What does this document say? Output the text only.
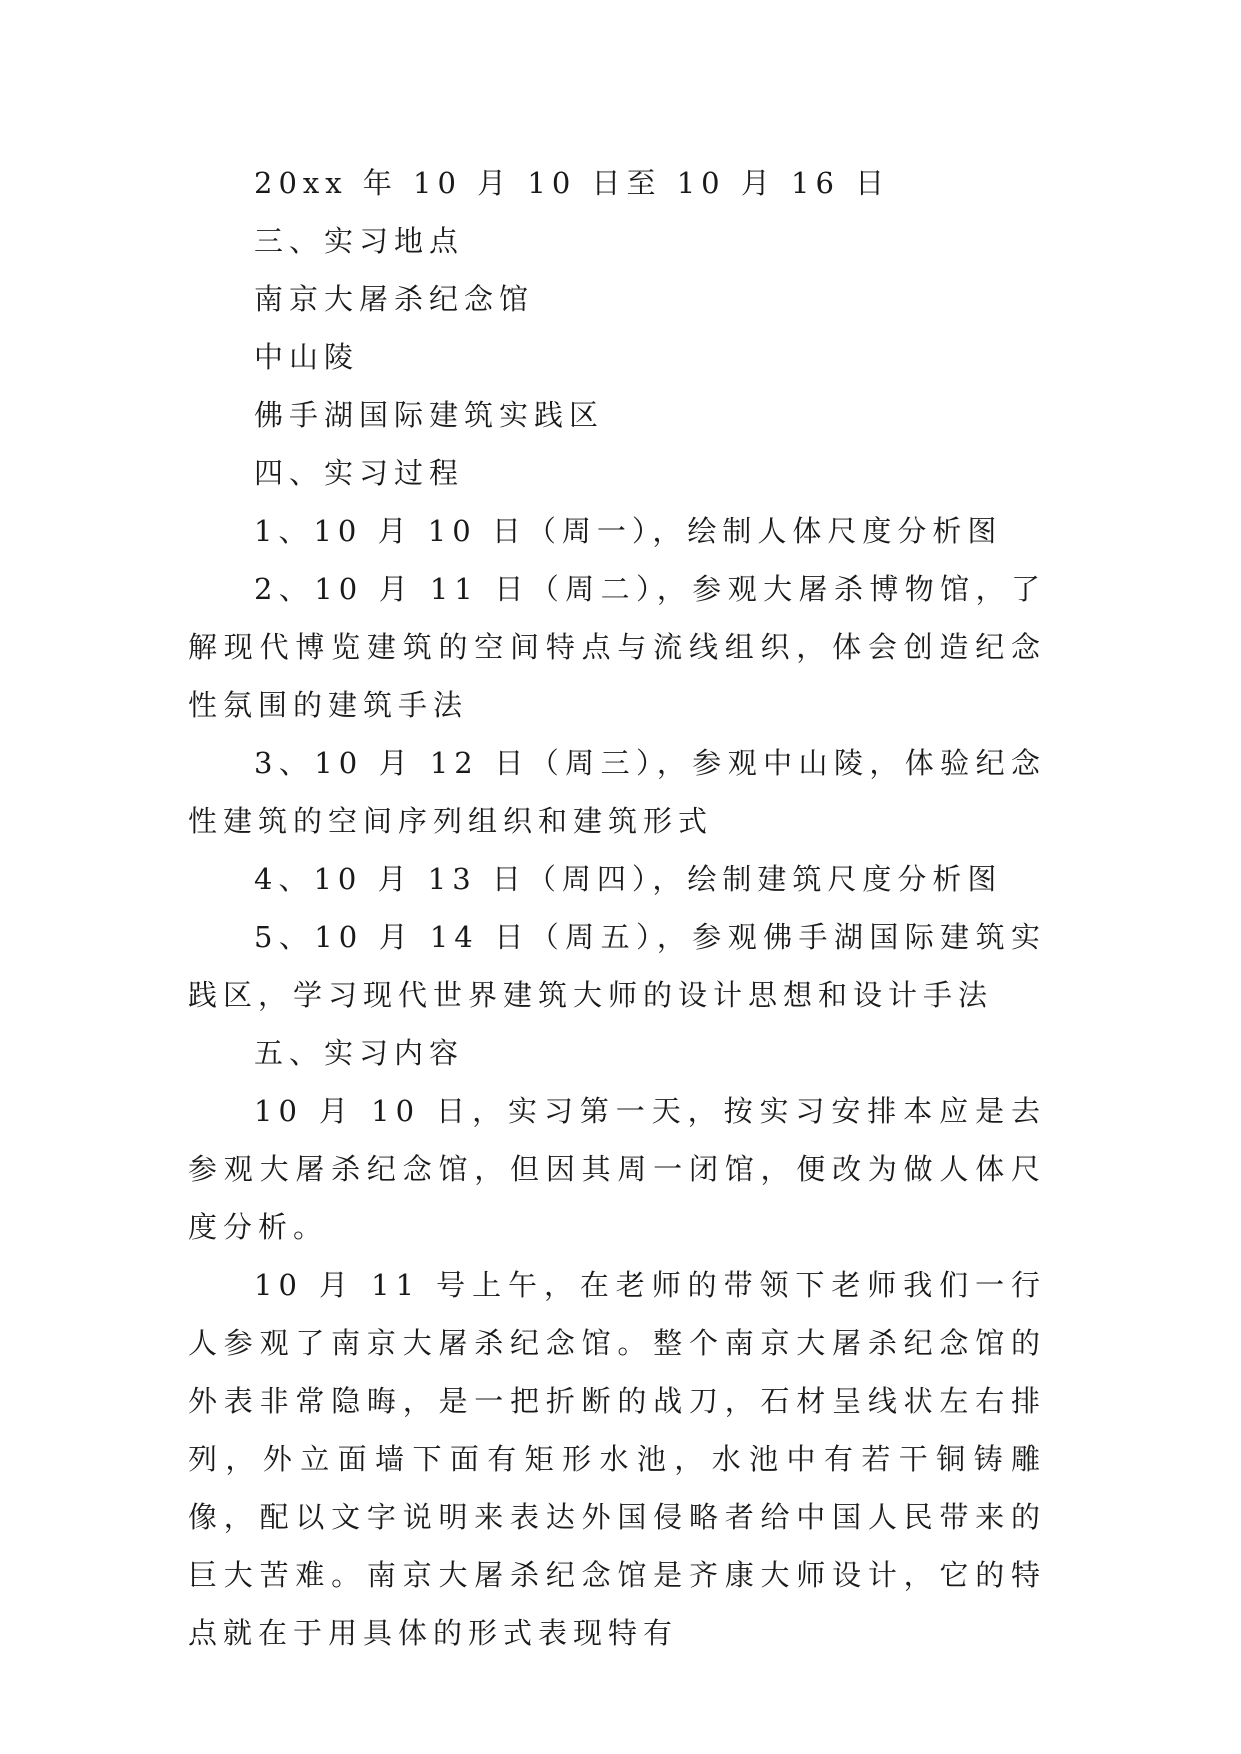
20xx 年 10 月 10 日至 10 月 16 日
三、实习地点
南京大屠杀纪念馆
中山陵
佛手湖国际建筑实践区
四、实习过程
1、10 月 10 日（周一），绘制人体尺度分析图

2、10 月 11 日（周二），参观大屠杀博物馆，了解现代博览建筑的空间特点与流线组织，体会创造纪念性氛围的建筑手法

3、10 月 12 日（周三），参观中山陵，体验纪念性建筑的空间序列组织和建筑形式

4、10 月 13 日（周四），绘制建筑尺度分析图

5、10 月 14 日（周五），参观佛手湖国际建筑实践区，学习现代世界建筑大师的设计思想和设计手法

五、实习内容

10 月 10 日，实习第一天，按实习安排本应是去参观大屠杀纪念馆，但因其周一闭馆，便改为做人体尺度分析。

10 月 11 号上午，在老师的带领下老师我们一行人参观了南京大屠杀纪念馆。整个南京大屠杀纪念馆的外表非常隐晦，是一把折断的战刀，石材呈线状左右排列，外立面墙下面有矩形水池，水池中有若干铜铸雕像，配以文字说明来表达外国侵略者给中国人民带来的巨大苦难。南京大屠杀纪念馆是齐康大师设计，它的特点就在于用具体的形式表现特有
